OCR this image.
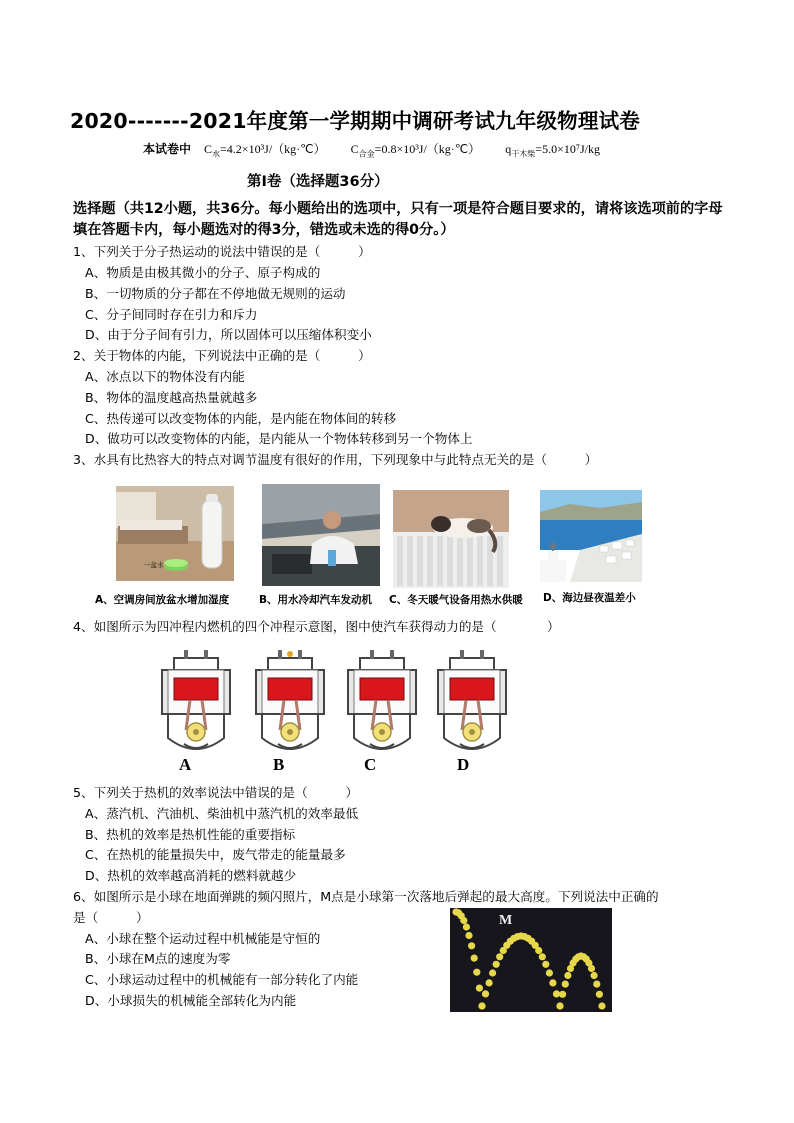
2020-------2021年度第一学期期中调研考试九年级物理试卷
本试卷中 $C_水=4.2\times 10^3J/(kg\cdot℃)$ $C_{合金}=0.8\times 10^3J/(kg\cdot℃)$ $q_{干木柴}=5.0\times 10^7J/kg$
第Ⅰ卷（选择题36分）
选择题（共12小题，共36分。每小题给出的选项中，只有一项是符合题目要求的，请将该选项前的字母填在答题卡内，每小题选对的得3分，错选或未选的得0分。）
1、下列关于分子热运动的说法中错误的是（　　　）
A、物质是由极其微小的分子、原子构成的
B、一切物质的分子都在不停地做无规则的运动
C、分子间同时存在引力和斥力
D、由于分子间有引力，所以固体可以压缩体积变小
2、关于物体的内能，下列说法中正确的是（　　　）
A、冰点以下的物体没有内能
B、物体的温度越高热量就越多
C、热传递可以改变物体的内能，是内能在物体间的转移
D、做功可以改变物体的内能，是内能从一个物体转移到另一个物体上
3、水具有比热容大的特点对调节温度有很好的作用，下列现象中与此特点无关的是（　　　）
一盆水
A、空调房间放盆水增加湿度	B、用水冷却汽车发动机 C、冬天暖气设备用热水供暖 D、海边昼夜温差小
4、如图所示为四冲程内燃机的四个冲程示意图，图中使汽车获得动力的是（　　　　）
A	B	C	D
5、下列关于热机的效率说法中错误的是（　　　）
A、蒸汽机、汽油机、柴油机中蒸汽机的效率最低
B、热机的效率是热机性能的重要指标
C、在热机的能量损失中，废气带走的能量最多
D、热机的效率越高消耗的燃料就越少
6、如图所示是小球在地面弹跳的频闪照片，M点是小球第一次落地后弹起的最大高度。下列说法中正确的
是（　　　）
A、小球在整个运动过程中机械能是守恒的
B、小球在M点的速度为零
C、小球运动过程中的机械能有一部分转化了内能
D、小球损失的机械能全部转化为内能
M
